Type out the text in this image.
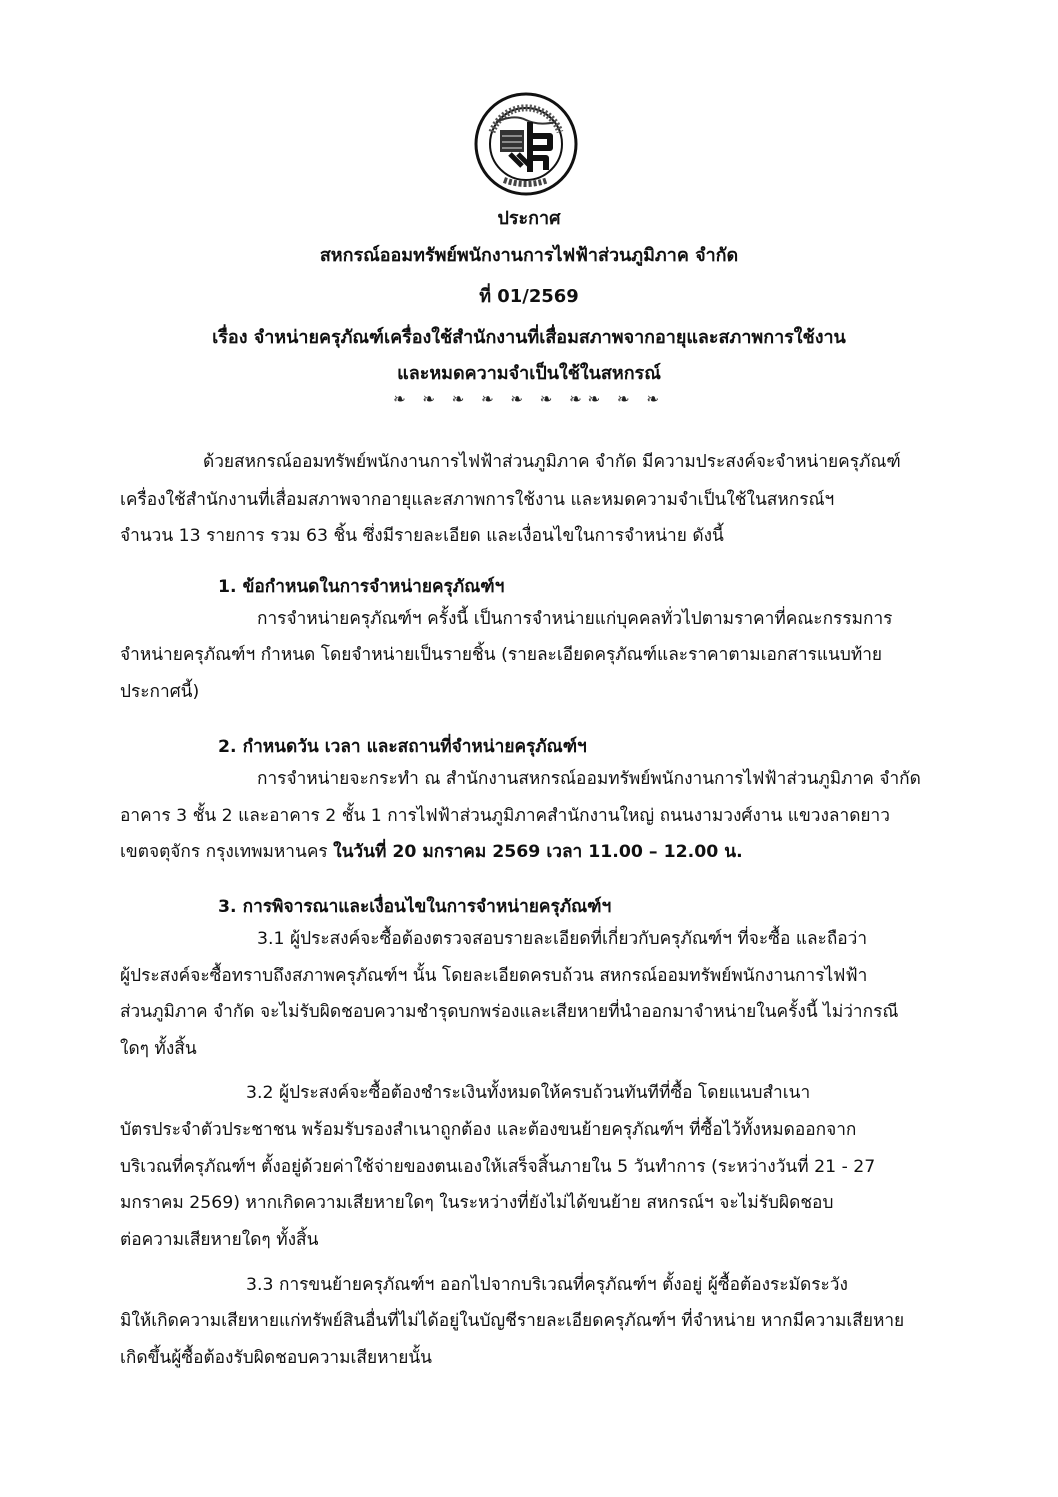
ประกาศ
สหกรณ์ออมทรัพย์พนักงานการไฟฟ้าส่วนภูมิภาค จำกัด
ที่ 01/2569
เรื่อง จำหน่ายครุภัณฑ์เครื่องใช้สำนักงานที่เสื่อมสภาพจากอายุและสภาพการใช้งาน
และหมดความจำเป็นใช้ในสหกรณ์
❧ ❧ ❧ ❧ ❧ ❧ ❧❧ ❧ ❧
ด้วยสหกรณ์ออมทรัพย์พนักงานการไฟฟ้าส่วนภูมิภาค จำกัด มีความประสงค์จะจำหน่ายครุภัณฑ์
เครื่องใช้สำนักงานที่เสื่อมสภาพจากอายุและสภาพการใช้งาน และหมดความจำเป็นใช้ในสหกรณ์ฯ
จำนวน 13 รายการ รวม 63 ชิ้น ซึ่งมีรายละเอียด และเงื่อนไขในการจำหน่าย ดังนี้
1. ข้อกำหนดในการจำหน่ายครุภัณฑ์ฯ
การจำหน่ายครุภัณฑ์ฯ ครั้งนี้ เป็นการจำหน่ายแก่บุคคลทั่วไปตามราคาที่คณะกรรมการ
จำหน่ายครุภัณฑ์ฯ กำหนด โดยจำหน่ายเป็นรายชิ้น (รายละเอียดครุภัณฑ์และราคาตามเอกสารแนบท้าย
ประกาศนี้)
2. กำหนดวัน เวลา และสถานที่จำหน่ายครุภัณฑ์ฯ
การจำหน่ายจะกระทำ ณ สำนักงานสหกรณ์ออมทรัพย์พนักงานการไฟฟ้าส่วนภูมิภาค จำกัด
อาคาร 3 ชั้น 2 และอาคาร 2 ชั้น 1 การไฟฟ้าส่วนภูมิภาคสำนักงานใหญ่ ถนนงามวงศ์งาน แขวงลาดยาว
เขตจตุจักร กรุงเทพมหานคร ในวันที่ 20 มกราคม 2569 เวลา 11.00 – 12.00 น.
3. การพิจารณาและเงื่อนไขในการจำหน่ายครุภัณฑ์ฯ
3.1 ผู้ประสงค์จะซื้อต้องตรวจสอบรายละเอียดที่เกี่ยวกับครุภัณฑ์ฯ ที่จะซื้อ และถือว่า
ผู้ประสงค์จะซื้อทราบถึงสภาพครุภัณฑ์ฯ นั้น โดยละเอียดครบถ้วน สหกรณ์ออมทรัพย์พนักงานการไฟฟ้า
ส่วนภูมิภาค จำกัด จะไม่รับผิดชอบความชำรุดบกพร่องและเสียหายที่นำออกมาจำหน่ายในครั้งนี้ ไม่ว่ากรณี
ใดๆ ทั้งสิ้น
3.2 ผู้ประสงค์จะซื้อต้องชำระเงินทั้งหมดให้ครบถ้วนทันทีที่ซื้อ โดยแนบสำเนา
บัตรประจำตัวประชาชน พร้อมรับรองสำเนาถูกต้อง และต้องขนย้ายครุภัณฑ์ฯ ที่ซื้อไว้ทั้งหมดออกจาก
บริเวณที่ครุภัณฑ์ฯ ตั้งอยู่ด้วยค่าใช้จ่ายของตนเองให้เสร็จสิ้นภายใน 5 วันทำการ (ระหว่างวันที่ 21 - 27
มกราคม 2569) หากเกิดความเสียหายใดๆ ในระหว่างที่ยังไม่ได้ขนย้าย สหกรณ์ฯ จะไม่รับผิดชอบ
ต่อความเสียหายใดๆ ทั้งสิ้น
3.3 การขนย้ายครุภัณฑ์ฯ ออกไปจากบริเวณที่ครุภัณฑ์ฯ ตั้งอยู่ ผู้ซื้อต้องระมัดระวัง
มิให้เกิดความเสียหายแก่ทรัพย์สินอื่นที่ไม่ได้อยู่ในบัญชีรายละเอียดครุภัณฑ์ฯ ที่จำหน่าย หากมีความเสียหาย
เกิดขึ้นผู้ซื้อต้องรับผิดชอบความเสียหายนั้น
